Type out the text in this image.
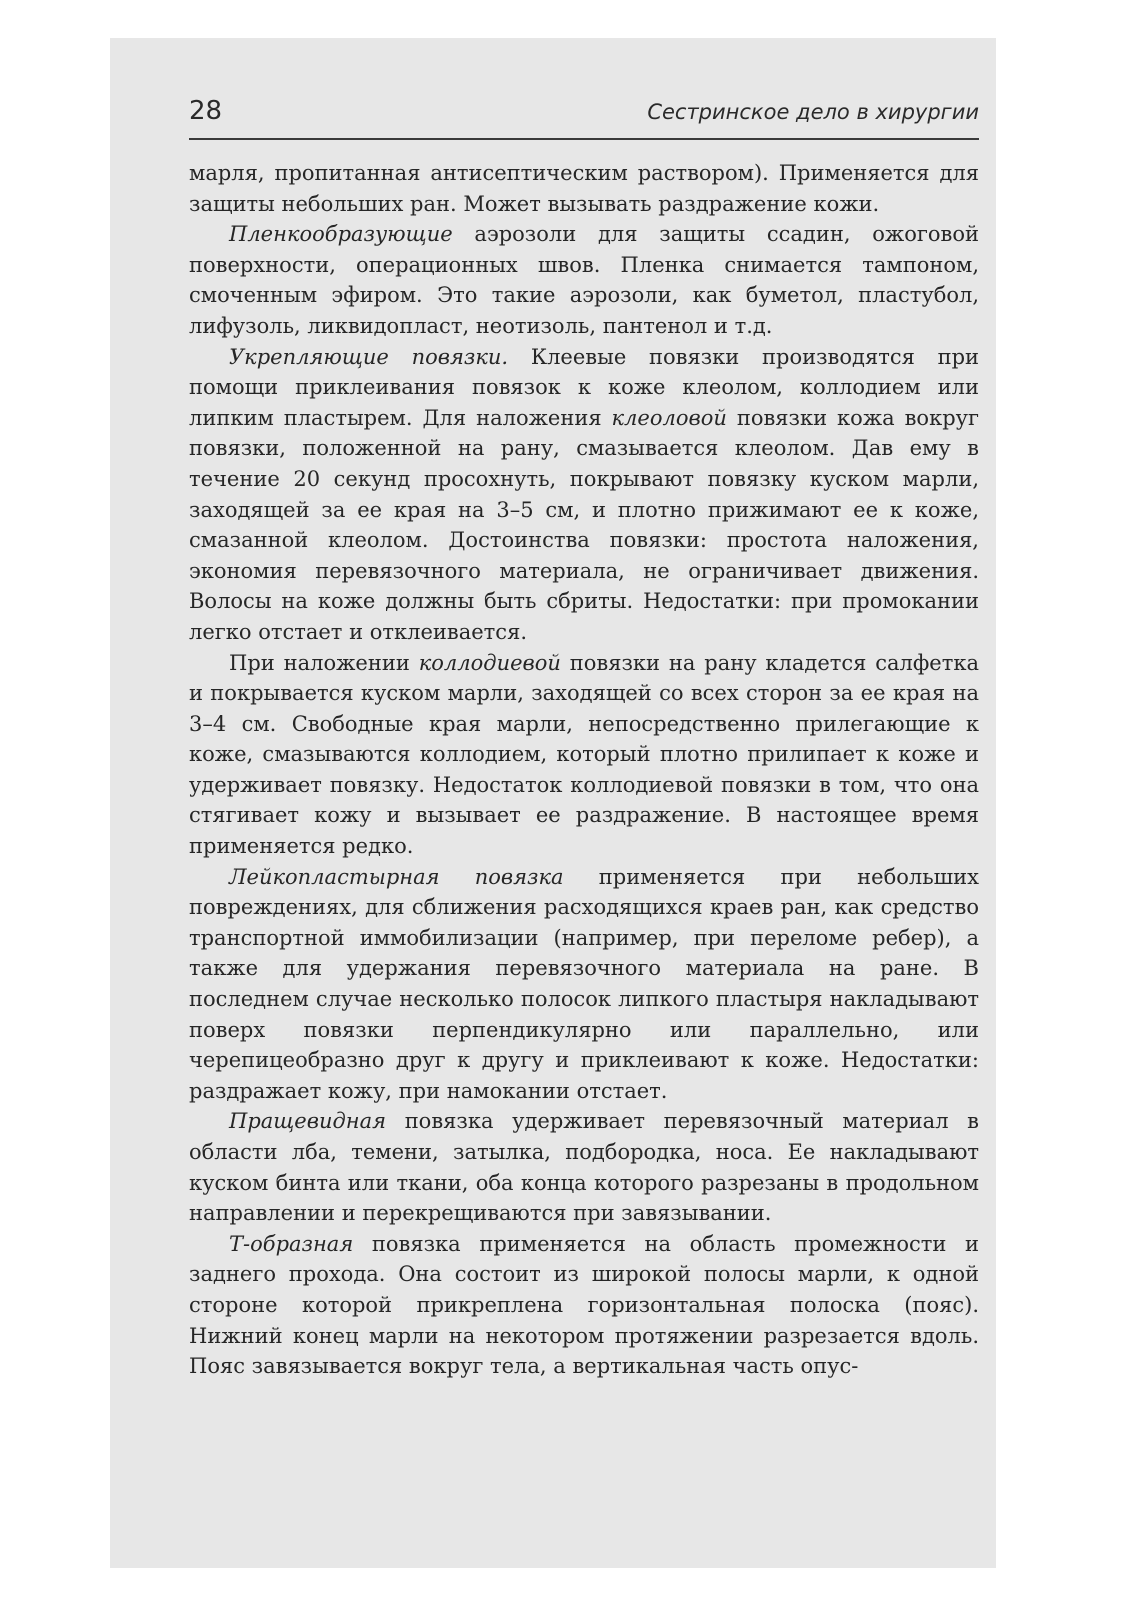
28	Сестринское дело в хирургии

марля, пропитанная антисептическим раствором). Применяется для защиты небольших ран. Может вызывать раздражение кожи.

Пленкообразующие аэрозоли для защиты ссадин, ожоговой поверхности, операционных швов. Пленка снимается тампоном, смоченным эфиром. Это такие аэрозоли, как буметол, пластубол, лифузоль, ликвидопласт, неотизоль, пантенол и т.д.

Укрепляющие повязки. Клеевые повязки производятся при помощи приклеивания повязок к коже клеолом, коллодием или липким пластырем. Для наложения клеоловой повязки кожа вокруг повязки, положенной на рану, смазывается клеолом. Дав ему в течение 20 секунд просохнуть, покрывают повязку куском марли, заходящей за ее края на 3–5 см, и плотно прижимают ее к коже, смазанной клеолом. Достоинства повязки: простота наложения, экономия перевязочного материала, не ограничивает движения. Волосы на коже должны быть сбриты. Недостатки: при промокании легко отстает и отклеивается.

При наложении коллодиевой повязки на рану кладется салфетка и покрывается куском марли, заходящей со всех сторон за ее края на 3–4 см. Свободные края марли, непосредственно прилегающие к коже, смазываются коллодием, который плотно прилипает к коже и удерживает повязку. Недостаток коллодиевой повязки в том, что она стягивает кожу и вызывает ее раздражение. В настоящее время применяется редко.

Лейкопластырная повязка применяется при небольших повреждениях, для сближения расходящихся краев ран, как средство транспортной иммобилизации (например, при переломе ребер), а также для удержания перевязочного материала на ране. В последнем случае несколько полосок липкого пластыря накладывают поверх повязки перпендикулярно или параллельно, или черепицеобразно друг к другу и приклеивают к коже. Недостатки: раздражает кожу, при намокании отстает.

Пращевидная повязка удерживает перевязочный материал в области лба, темени, затылка, подбородка, носа. Ее накладывают куском бинта или ткани, оба конца которого разрезаны в продольном направлении и перекрещиваются при завязывании.

Т-образная повязка применяется на область промежности и заднего прохода. Она состоит из широкой полосы марли, к одной стороне которой прикреплена горизонтальная полоска (пояс). Нижний конец марли на некотором протяжении разрезается вдоль. Пояс завязывается вокруг тела, а вертикальная часть опус-
